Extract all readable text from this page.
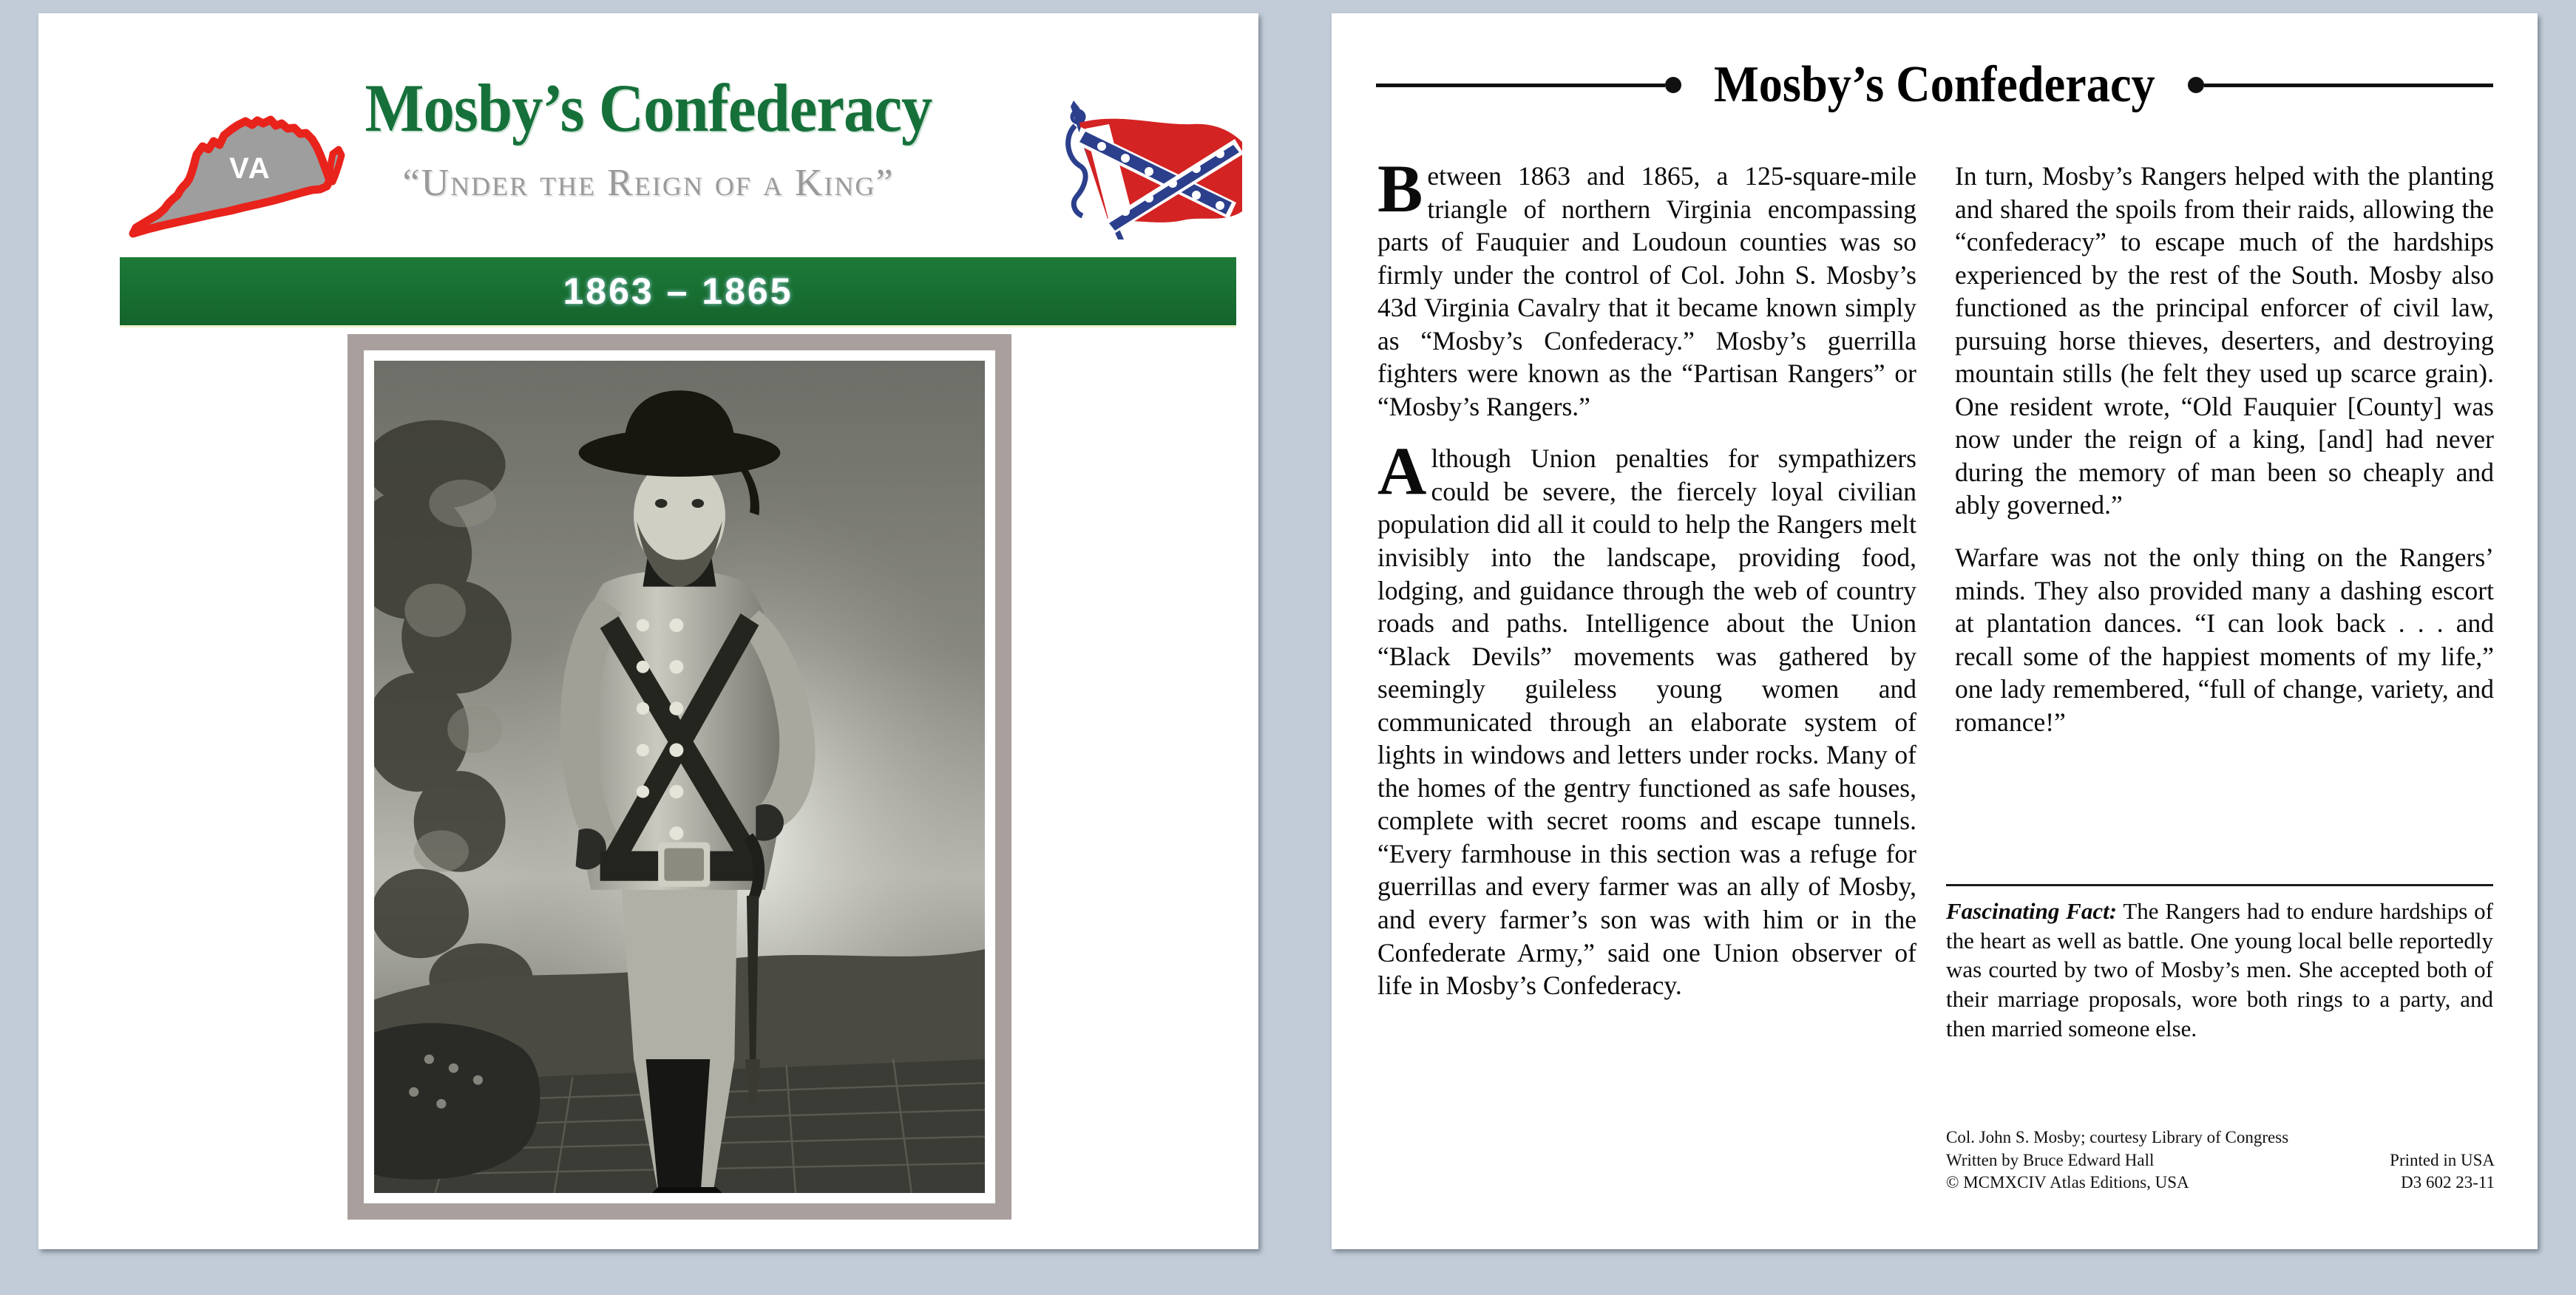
VA
Mosby’s Confederacy
“Under the Reign of a King”
1863 – 1865
Mosby’s Confederacy

Between 1863 and 1865, a 125-square-mile triangle of northern Virginia encompassing parts of Fauquier and Loudoun counties was so firmly under the control of Col. John S. Mosby’s 43d Virginia Cavalry that it became known simply as “Mosby’s Confederacy.” Mosby’s guerrilla fighters were known as the “Partisan Rangers” or “Mosby’s Rangers.”

Although Union penalties for sympathizers could be severe, the fiercely loyal civilian population did all it could to help the Rangers melt invisibly into the landscape, providing food, lodging, and guidance through the web of country roads and paths. Intelligence about the Union “Black Devils” movements was gathered by seemingly guileless young women and communicated through an elaborate system of lights in windows and letters under rocks. Many of the homes of the gentry functioned as safe houses, complete with secret rooms and escape tunnels. “Every farmhouse in this section was a refuge for guerrillas and every farmer was an ally of Mosby, and every farmer’s son was with him or in the Confederate Army,” said one Union observer of life in Mosby’s Confederacy.

In turn, Mosby’s Rangers helped with the planting and shared the spoils from their raids, allowing the “confederacy” to escape much of the hardships experienced by the rest of the South. Mosby also functioned as the principal enforcer of civil law, pursuing horse thieves, deserters, and destroying mountain stills (he felt they used up scarce grain). One resident wrote, “Old Fauquier [County] was now under the reign of a king, [and] had never during the memory of man been so cheaply and ably governed.”

Warfare was not the only thing on the Rangers’ minds. They also provided many a dashing escort at plantation dances. “I can look back . . . and recall some of the happiest moments of my life,” one lady remembered, “full of change, variety, and romance!”

Fascinating Fact: The Rangers had to endure hardships of the heart as well as battle. One young local belle reportedly was courted by two of Mosby’s men. She accepted both of their marriage proposals, wore both rings to a party, and then married someone else.

Col. John S. Mosby; courtesy Library of Congress
Written by Bruce Edward Hall	Printed in USA
© MCMXCIV Atlas Editions, USA	D3 602 23-11
